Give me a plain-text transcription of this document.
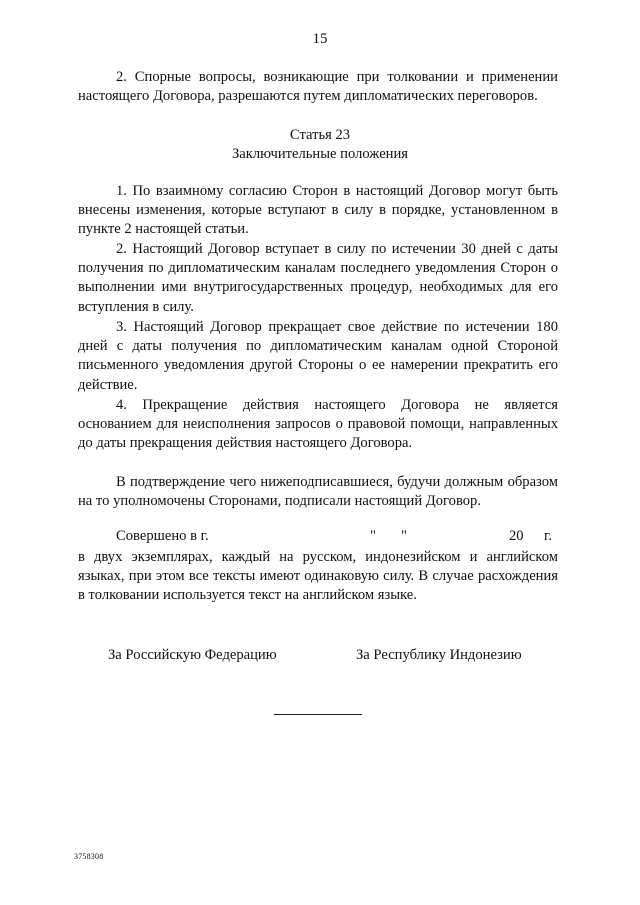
15

2. Спорные вопросы, возникающие при толковании и применении настоящего Договора, разрешаются путем дипломатических переговоров.

Статья 23

Заключительные положения

1. По взаимному согласию Сторон в настоящий Договор могут быть внесены изменения, которые вступают в силу в порядке, установленном в пункте 2 настоящей статьи.

2. Настоящий Договор вступает в силу по истечении 30 дней с даты получения по дипломатическим каналам последнего уведомления Сторон о выполнении ими внутригосударственных процедур, необходимых для его вступления в силу.

3. Настоящий Договор прекращает свое действие по истечении 180 дней с даты получения по дипломатическим каналам одной Стороной письменного уведомления другой Стороны о ее намерении прекратить его действие.

4. Прекращение действия настоящего Договора не является основанием для неисполнения запросов о правовой помощи, направленных до даты прекращения действия настоящего Договора.

В подтверждение чего нижеподписавшиеся, будучи должным образом на то уполномочены Сторонами, подписали настоящий Договор.

Совершено в г.	" "	20 г.

в двух экземплярах, каждый на русском, индонезийском и английском языках, при этом все тексты имеют одинаковую силу. В случае расхождения в толковании используется текст на английском языке.

За Российскую Федерацию	За Республику Индонезию
3758308
